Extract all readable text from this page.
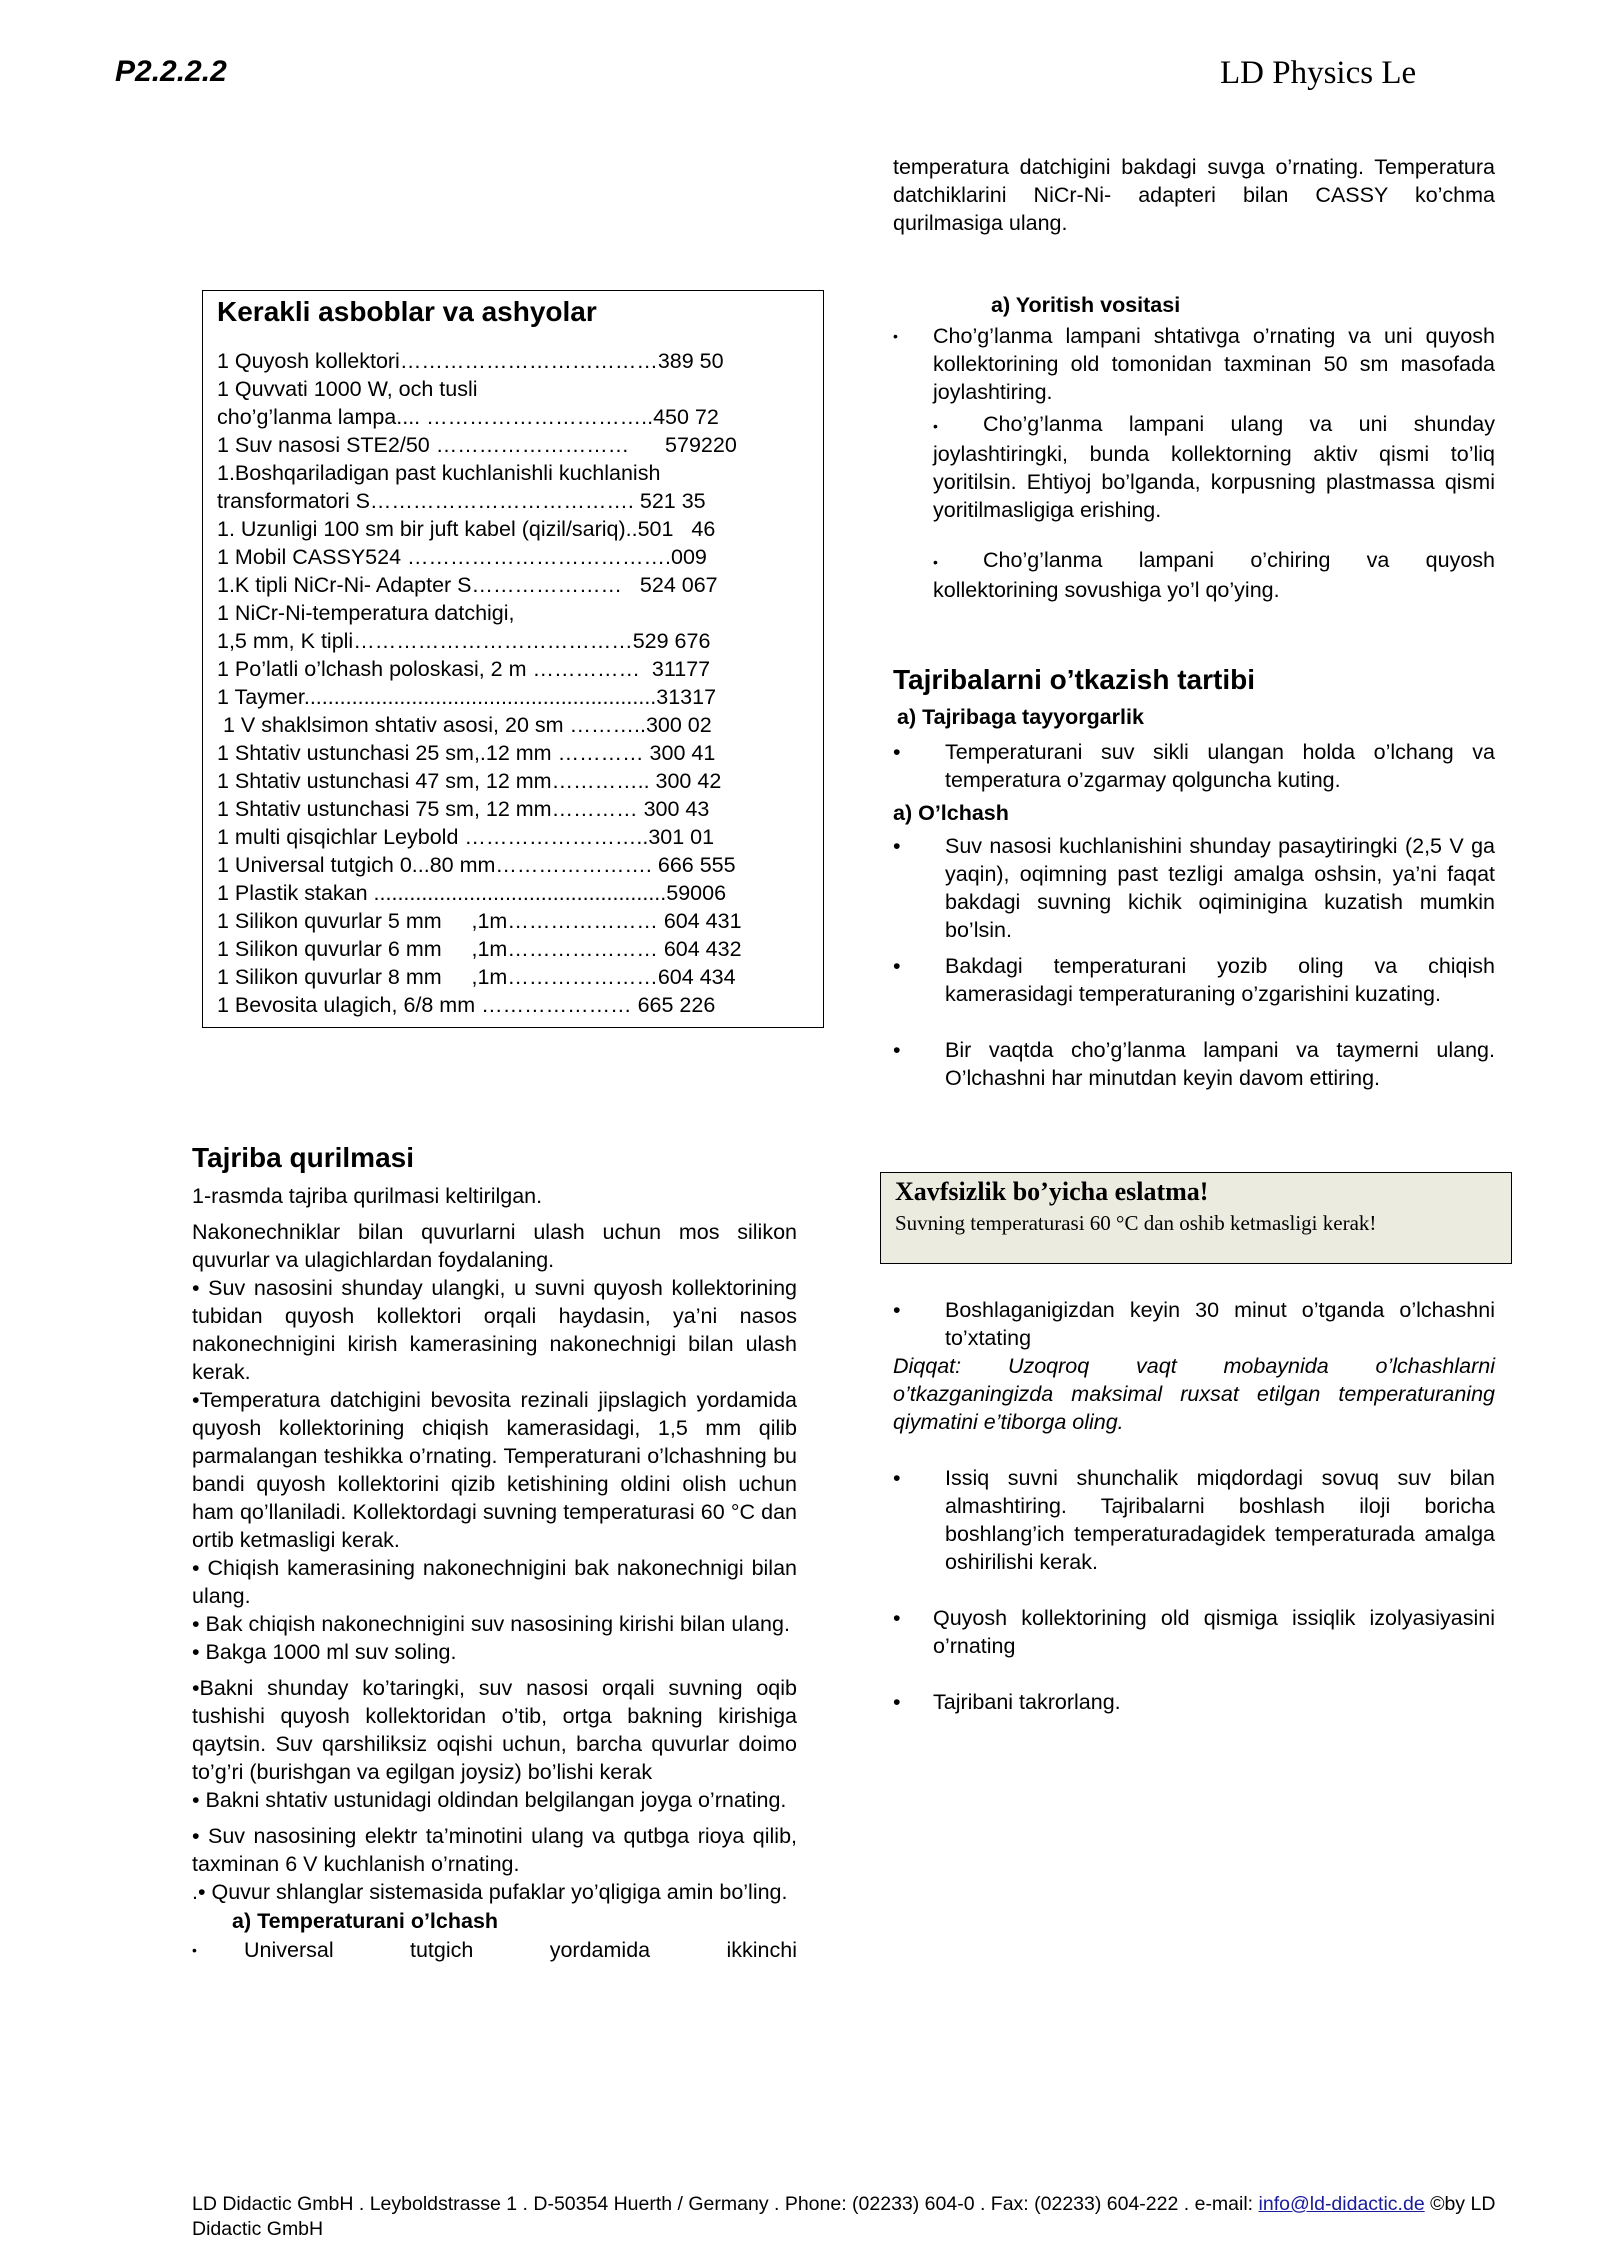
P2.2.2.2	LD Physics Le

temperatura datchigini bakdagi suvga o’rnating. Temperatura datchiklarini NiCr-Ni- adapteri bilan CASSY ko’chma qurilmasiga ulang.

Kerakli asboblar va ashyolar
1 Quyosh kollektori………………………………389 50
1 Quvvati 1000 W, och tusli
cho’g’lanma lampa.... …………………………..450 72
1 Suv nasosi STE2/50 ………………………      579220
1.Boshqariladigan past kuchlanishli kuchlanish
transformatori S………………………………. 521 35
1. Uzunligi 100 sm bir juft kabel (qizil/sariq)..501   46
1 Mobil CASSY524 ……………………………….009
1.K tipli NiCr-Ni- Adapter S…………………   524 067
1 NiCr-Ni-temperatura datchigi,
1,5 mm, K tipli…………………………………529 676
1 Po’latli o’lchash poloskasi, 2 m ……………  31177
1 Taymer...........................................................31317
1 V shaklsimon shtativ asosi, 20 sm ………..300 02
1 Shtativ ustunchasi 25 sm,.12 mm ………… 300 41
1 Shtativ ustunchasi 47 sm, 12 mm………….. 300 42
1 Shtativ ustunchasi 75 sm, 12 mm………… 300 43
1 multi qisqichlar Leybold ……………………..301 01
1 Universal tutgich 0...80 mm…………………. 666 555
1 Plastik stakan .................................................59006
1 Silikon quvurlar 5 mm     ,1m………………… 604 431
1 Silikon quvurlar 6 mm     ,1m………………… 604 432
1 Silikon quvurlar 8 mm     ,1m…………………604 434
1 Bevosita ulagich, 6/8 mm ………………… 665 226
Tajriba qurilmasi

1-rasmda tajriba qurilmasi keltirilgan.

Nakonechniklar bilan quvurlarni ulash uchun mos silikon quvurlar va ulagichlardan foydalaning.

• Suv nasosini shunday ulangki, u suvni quyosh kollektorining tubidan quyosh kollektori orqali haydasin, ya’ni nasos nakonechnigini kirish kamerasining nakonechnigi bilan ulash kerak.

•Temperatura datchigini bevosita rezinali jipslagich yordamida quyosh kollektorining chiqish kamerasidagi, 1,5 mm qilib parmalangan teshikka o’rnating. Temperaturani o’lchashning bu bandi quyosh kollektorini qizib ketishining oldini olish uchun ham qo’llaniladi. Kollektordagi suvning temperaturasi 60 °C dan ortib ketmasligi kerak.

• Chiqish kamerasining nakonechnigini bak nakonechnigi bilan ulang.

• Bak chiqish nakonechnigini suv nasosining kirishi bilan ulang.

• Bakga 1000 ml suv soling.

•Bakni shunday ko’taringki, suv nasosi orqali suvning oqib tushishi quyosh kollektoridan o’tib, ortga bakning kirishiga qaytsin. Suv qarshiliksiz oqishi uchun, barcha quvurlar doimo to’g’ri (burishgan va egilgan joysiz) bo’lishi kerak

• Bakni shtativ ustunidagi oldindan belgilangan joyga o’rnating.

• Suv nasosining elektr ta’minotini ulang va qutbga rioya qilib, taxminan 6 V kuchlanish o’rnating.

.• Quvur shlanglar sistemasida pufaklar yo’qligiga amin bo’ling.

a) Temperaturani o’lchash
•	Universal tutgich yordamida ikkinchi
a) Yoritish vositasi
•	Cho’g’lanma lampani shtativga o’rnating va uni quyosh kollektorining old tomonidan taxminan 50 sm masofada joylashtiring.

• Cho’g’lanma lampani ulang va uni shunday joylashtiringki, bunda kollektorning aktiv qismi to’liq yoritilsin. Ehtiyoj bo’lganda, korpusning plastmassa qismi yoritilmasligiga erishing.

• Cho’g’lanma lampani o’chiring va quyosh kollektorining sovushiga yo’l qo’ying.

Tajribalarni o’tkazish tartibi
a) Tajribaga tayyorgarlik
•	Temperaturani suv sikli ulangan holda o’lchang va temperatura o’zgarmay qolguncha kuting.
a) O’lchash
•	Suv nasosi kuchlanishini shunday pasaytiringki (2,5 V ga yaqin), oqimning past tezligi amalga oshsin, ya’ni faqat bakdagi suvning kichik oqiminigina kuzatish mumkin bo’lsin.
•	Bakdagi temperaturani yozib oling va chiqish kamerasidagi temperaturaning o’zgarishini kuzating.
•	Bir vaqtda cho’g’lanma lampani va taymerni ulang. O’lchashni har minutdan keyin davom ettiring.
Xavfsizlik bo’yicha eslatma!
Suvning temperaturasi 60 °C dan oshib ketmasligi kerak!
•	Boshlaganigizdan keyin 30 minut o’tganda o’lchashni to’xtating

Diqqat: Uzoqroq vaqt mobaynida o’lchashlarni o’tkazganingizda maksimal ruxsat etilgan temperaturaning qiymatini e’tiborga oling.

•	Issiq suvni shunchalik miqdordagi sovuq suv bilan almashtiring. Tajribalarni boshlash iloji boricha boshlang’ich temperaturadagidek temperaturada amalga oshirilishi kerak.
•	Quyosh kollektorining old qismiga issiqlik izolyasiyasini o’rnating
•	Tajribani takrorlang.
LD Didactic GmbH . Leyboldstrasse 1 . D-50354 Huerth / Germany . Phone: (02233) 604-0 . Fax: (02233) 604-222 . e-mail: info@ld-didactic.de ©by LD Didactic GmbH
